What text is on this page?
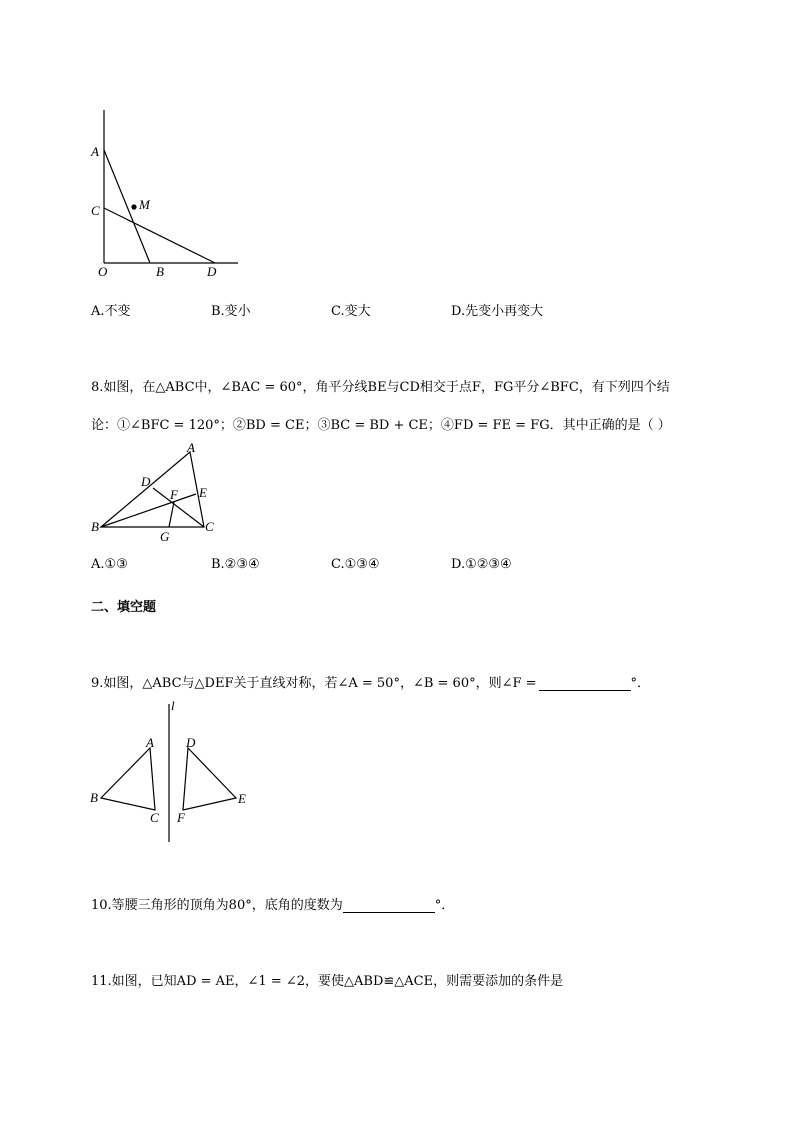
A
C	M
O	B	D
A.不变	B.变小	C.变大	D.先变小再变大
8.如图，在△ABC中，∠BAC = 60°，角平分线BE与CD相交于点F，FG平分∠BFC，有下列四个结
论：①∠BFC = 120°；②BD = CE；③BC = BD + CE；④FD = FE = FG．其中正确的是（ ）
A
D
E
F
B	C
G
A.①③	B.②③④	C.①③④	D.①②③④
二、填空题
9.如图，△ABC与△DEF关于直线对称，若∠A = 50°，∠B = 60°，则∠F =	°．
l
A D
B	E
C F
10.等腰三角形的顶角为80°，底角的度数为	°．
11.如图，已知AD = AE，∠1 = ∠2，要使△ABD≌△ACE，则需要添加的条件是
